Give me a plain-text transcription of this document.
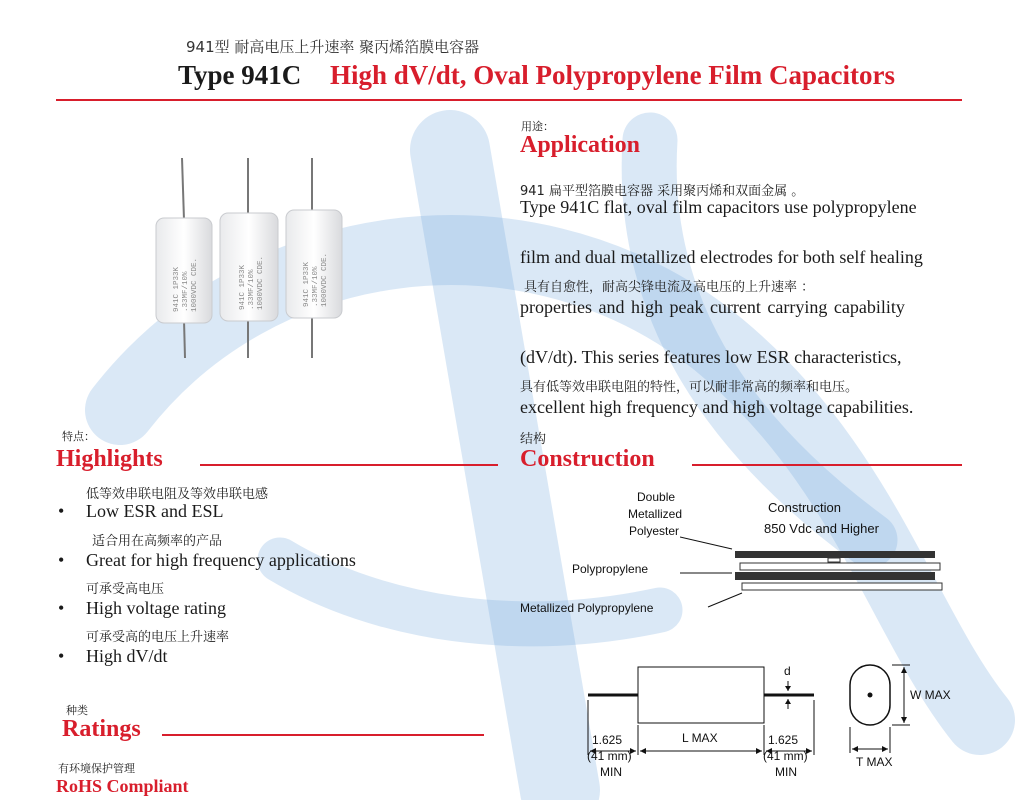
941型 耐高电压上升速率 聚丙烯箔膜电容器
Type 941C High dV/dt, Oval Polypropylene Film Capacitors
941C 1P33K .33MF/10% 1000VDC CDE.	941C 1P33K .33MF/10% 1000VDC CDE.	941C 1P33K .33MF/10% 1000VDC CDE.
用途：
Application
941 扁平型箔膜电容器 采用聚丙烯和双面金属 。
Type 941C flat, oval film capacitors use polypropylene
film and dual metallized electrodes for both self healing
具有自愈性，耐高尖锋电流及高电压的上升速率 ：
properties and high peak current carrying capability
(dV/dt). This series features low ESR characteristics,
具有低等效串联电阻的特性，可以耐非常高的频率和电压。
excellent high frequency and high voltage capabilities.
特点：
Highlights
低等效串联电阻及等效串联电感
• Low ESR and ESL
适合用在高频率的产品
• Great for high frequency applications
可承受高电压
• High voltage rating
可承受高的电压上升速率
• High dV/dt
结构
Construction
Double
Metallized
Polyester
Construction
850 Vdc and Higher
Polypropylene
Metallized Polypropylene
d
1.625
(41 mm)
MIN
L MAX	1.625
(41 mm)
MIN
W MAX
T MAX
种类
Ratings
有环境保护管理
RoHS Compliant
